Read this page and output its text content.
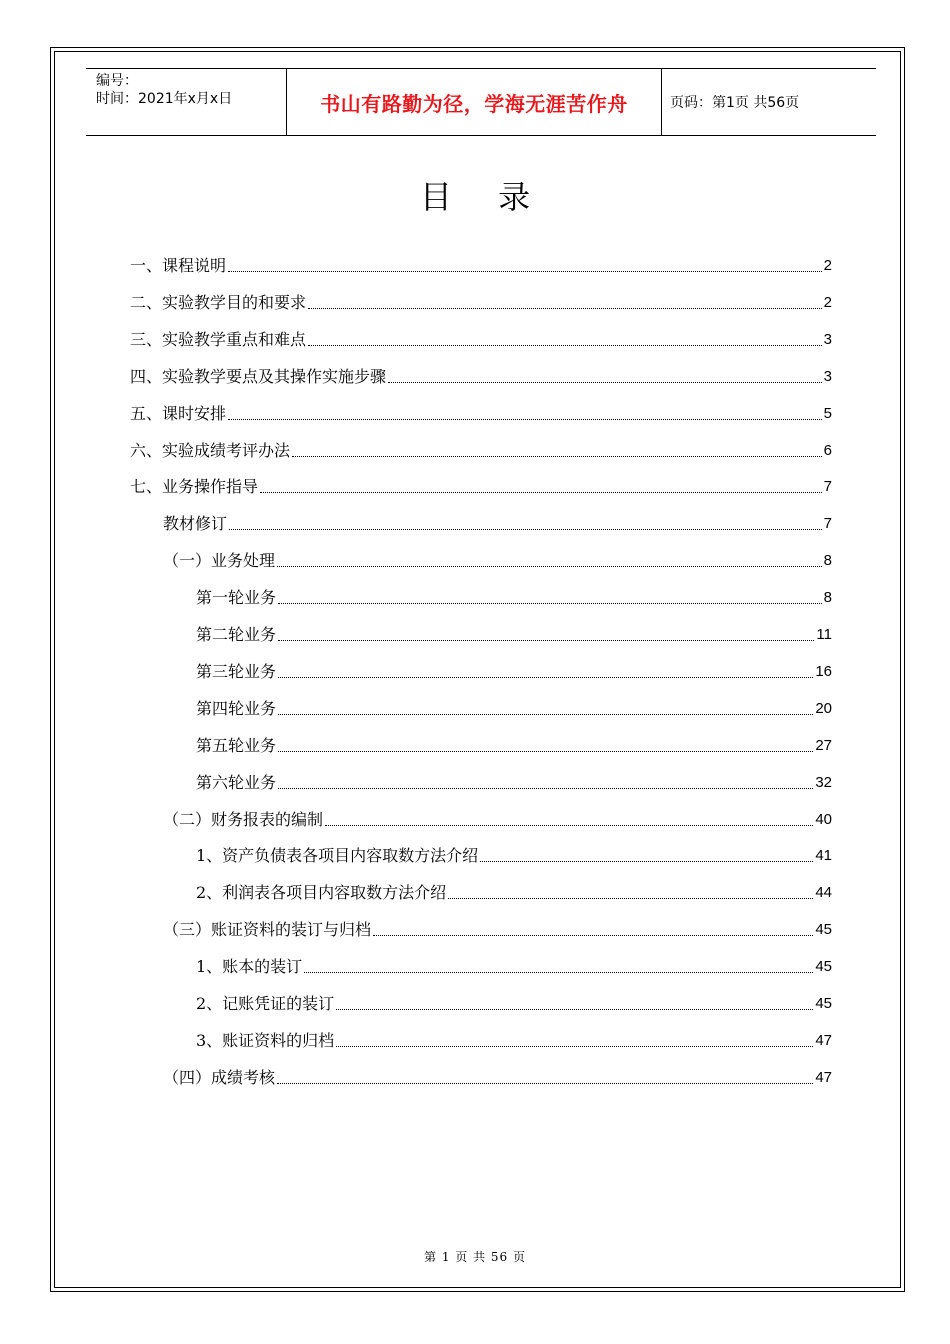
编号：
时间：2021年x月x日	书山有路勤为径，学海无涯苦作舟	页码：第1页 共56页
目 录
一、课程说明	2
二、实验教学目的和要求	2
三、实验教学重点和难点	3
四、实验教学要点及其操作实施步骤	3
五、课时安排	5
六、实验成绩考评办法	6
七、业务操作指导	7
教材修订	7
（一）业务处理	8
第一轮业务	8
第二轮业务	11
第三轮业务	16
第四轮业务	20
第五轮业务	27
第六轮业务	32
（二）财务报表的编制	40
1、资产负债表各项目内容取数方法介绍	41
2、利润表各项目内容取数方法介绍	44
（三）账证资料的装订与归档	45
1、账本的装订	45
2、记账凭证的装订	45
3、账证资料的归档	47
（四）成绩考核	47
第 1 页 共 56 页
